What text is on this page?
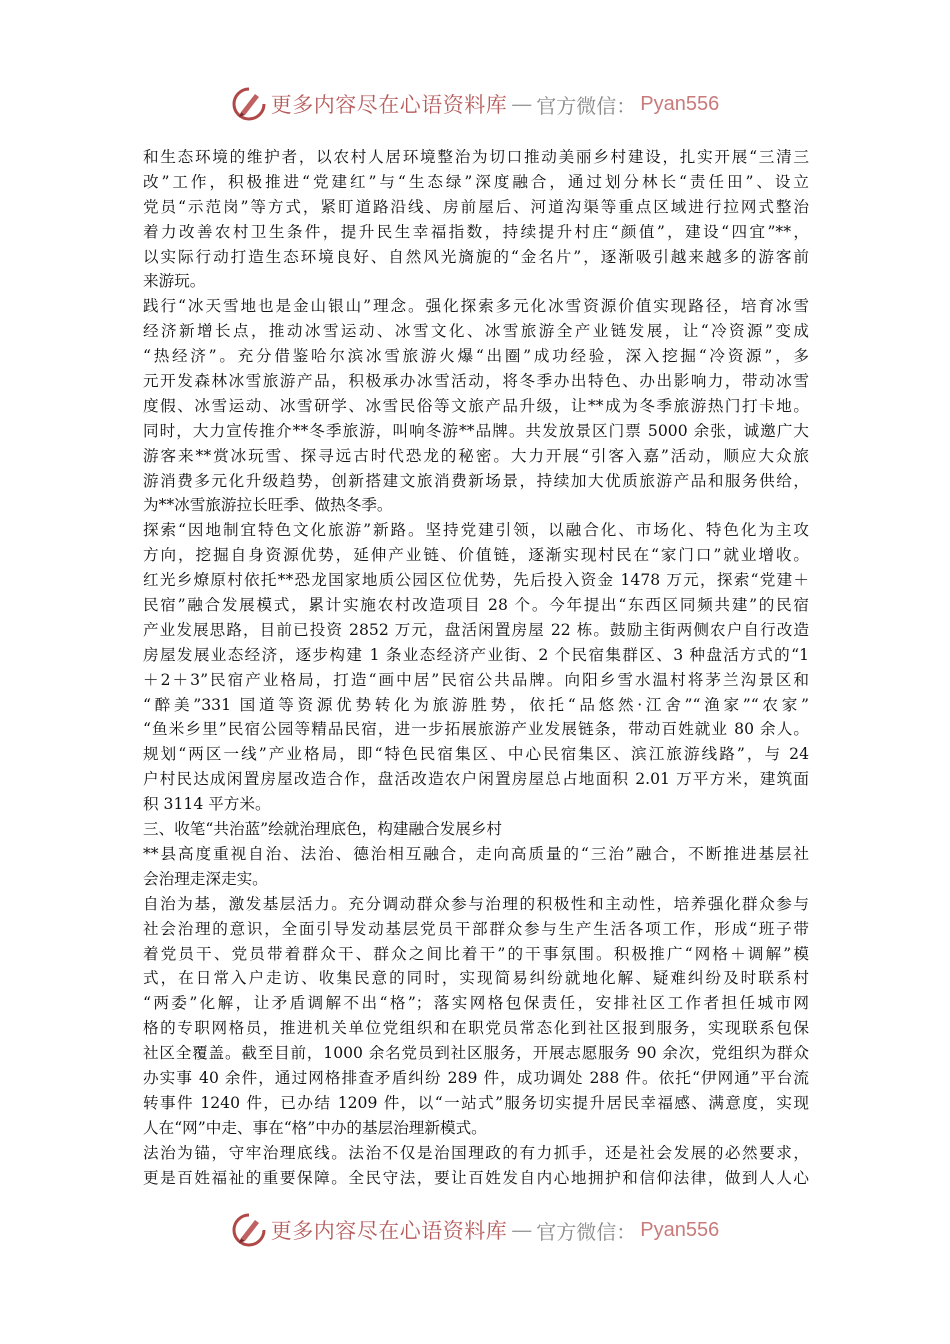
更多内容尽在心语资料库 — 官方微信： Pyan556
和生态环境的维护者，以农村人居环境整治为切口推动美丽乡村建设，扎实开展“三清三
改”工作，积极推进“党建红”与“生态绿”深度融合，通过划分林长“责任田”、设立
党员“示范岗”等方式，紧盯道路沿线、房前屋后、河道沟渠等重点区域进行拉网式整治
着力改善农村卫生条件，提升民生幸福指数，持续提升村庄“颜值”，建设“四宜”**，
以实际行动打造生态环境良好、自然风光旖旎的“金名片”，逐渐吸引越来越多的游客前
来游玩。
践行“冰天雪地也是金山银山”理念。强化探索多元化冰雪资源价值实现路径，培育冰雪
经济新增长点，推动冰雪运动、冰雪文化、冰雪旅游全产业链发展，让“冷资源”变成
“热经济”。充分借鉴哈尔滨冰雪旅游火爆“出圈”成功经验，深入挖掘“冷资源”，多
元开发森林冰雪旅游产品，积极承办冰雪活动，将冬季办出特色、办出影响力，带动冰雪
度假、冰雪运动、冰雪研学、冰雪民俗等文旅产品升级，让**成为冬季旅游热门打卡地。
同时，大力宣传推介**冬季旅游，叫响冬游**品牌。共发放景区门票 5000 余张，诚邀广大
游客来**赏冰玩雪、探寻远古时代恐龙的秘密。大力开展“引客入嘉”活动，顺应大众旅
游消费多元化升级趋势，创新搭建文旅消费新场景，持续加大优质旅游产品和服务供给，
为**冰雪旅游拉长旺季、做热冬季。
探索“因地制宜特色文化旅游”新路。坚持党建引领，以融合化、市场化、特色化为主攻
方向，挖掘自身资源优势，延伸产业链、价值链，逐渐实现村民在“家门口”就业增收。
红光乡燎原村依托**恐龙国家地质公园区位优势，先后投入资金 1478 万元，探索“党建＋
民宿”融合发展模式，累计实施农村改造项目 28 个。今年提出“东西区同频共建”的民宿
产业发展思路，目前已投资 2852 万元，盘活闲置房屋 22 栋。鼓励主街两侧农户自行改造
房屋发展业态经济，逐步构建 1 条业态经济产业街、2 个民宿集群区、3 种盘活方式的“1
＋2＋3”民宿产业格局，打造“画中居”民宿公共品牌。向阳乡雪水温村将茅兰沟景区和
“醉美”331 国道等资源优势转化为旅游胜势，依托“品悠然·江舍”“渔家”“农家”
“鱼米乡里”民宿公园等精品民宿，进一步拓展旅游产业发展链条，带动百姓就业 80 余人。
规划“两区一线”产业格局，即“特色民宿集区、中心民宿集区、滨江旅游线路”，与 24
户村民达成闲置房屋改造合作，盘活改造农户闲置房屋总占地面积 2.01 万平方米，建筑面
积 3114 平方米。
三、收笔“共治蓝”绘就治理底色，构建融合发展乡村
**县高度重视自治、法治、德治相互融合，走向高质量的“三治”融合，不断推进基层社
会治理走深走实。
自治为基，激发基层活力。充分调动群众参与治理的积极性和主动性，培养强化群众参与
社会治理的意识，全面引导发动基层党员干部群众参与生产生活各项工作，形成“班子带
着党员干、党员带着群众干、群众之间比着干”的干事氛围。积极推广“网格＋调解”模
式，在日常入户走访、收集民意的同时，实现简易纠纷就地化解、疑难纠纷及时联系村
“两委”化解，让矛盾调解不出“格”；落实网格包保责任，安排社区工作者担任城市网
格的专职网格员，推进机关单位党组织和在职党员常态化到社区报到服务，实现联系包保
社区全覆盖。截至目前，1000 余名党员到社区服务，开展志愿服务 90 余次，党组织为群众
办实事 40 余件，通过网格排查矛盾纠纷 289 件，成功调处 288 件。依托“伊网通”平台流
转事件 1240 件，已办结 1209 件，以“一站式”服务切实提升居民幸福感、满意度，实现
人在“网”中走、事在“格”中办的基层治理新模式。
法治为锚，守牢治理底线。法治不仅是治国理政的有力抓手，还是社会发展的必然要求，
更是百姓福祉的重要保障。全民守法，要让百姓发自内心地拥护和信仰法律，做到人人心
更多内容尽在心语资料库 — 官方微信： Pyan556
